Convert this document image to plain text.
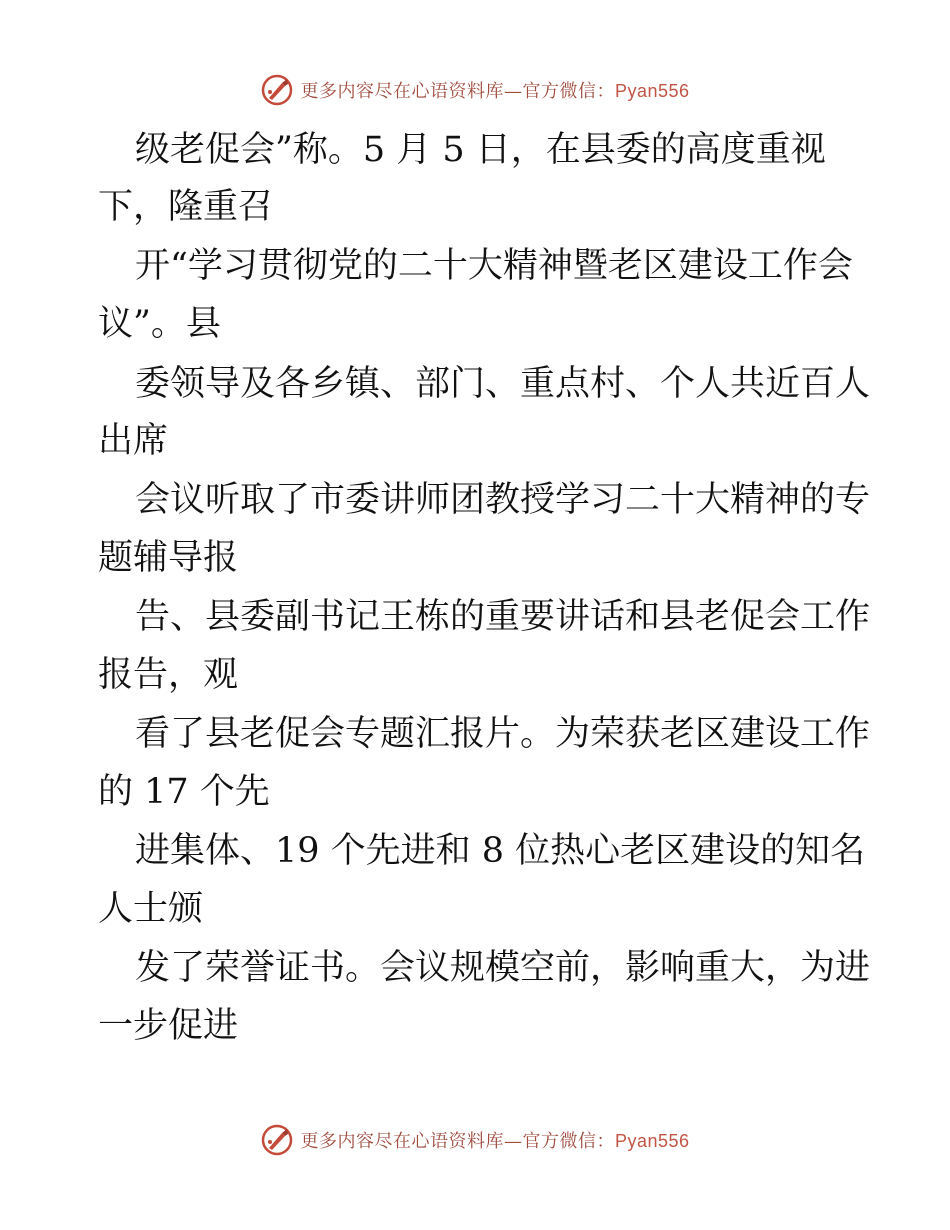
更多内容尽在心语资料库—官方微信：Pyan556
级老促会”称。5 月 5 日，在县委的高度重视
下，隆重召
开“学习贯彻党的二十大精神暨老区建设工作会
议”。县
委领导及各乡镇、部门、重点村、个人共近百人
出席
会议听取了市委讲师团教授学习二十大精神的专
题辅导报
告、县委副书记王栋的重要讲话和县老促会工作
报告，观
看了县老促会专题汇报片。为荣获老区建设工作
的 17 个先
进集体、19 个先进和 8 位热心老区建设的知名
人士颁
发了荣誉证书。会议规模空前，影响重大，为进
一步促进
更多内容尽在心语资料库—官方微信：Pyan556
